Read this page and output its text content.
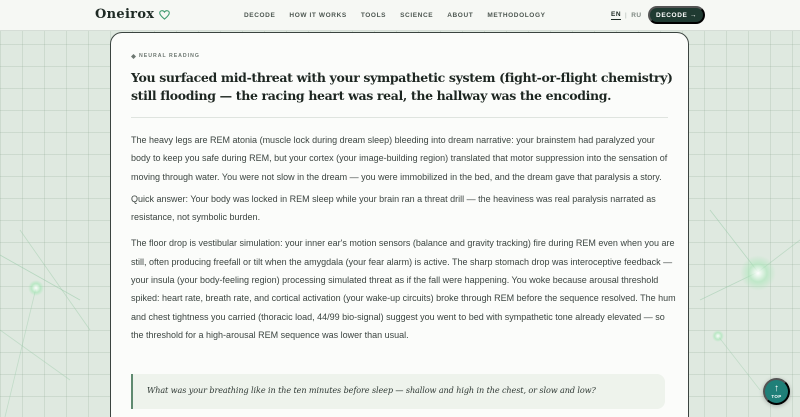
Oneirox	DECODE HOW IT WORKS TOOLS SCIENCE ABOUT METHODOLOGY	EN | RU	DECODE →
NEURAL READING
You surfaced mid-threat with your sympathetic system (fight-or-flight chemistry) still flooding — the racing heart was real, the hallway was the encoding.

The heavy legs are REM atonia (muscle lock during dream sleep) bleeding into dream narrative: your brainstem had paralyzed your body to keep you safe during REM, but your cortex (your image-building region) translated that motor suppression into the sensation of moving through water. You were not slow in the dream — you were immobilized in the bed, and the dream gave that paralysis a story.

Quick answer: Your body was locked in REM sleep while your brain ran a threat drill — the heaviness was real paralysis narrated as resistance, not symbolic burden.

The floor drop is vestibular simulation: your inner ear's motion sensors (balance and gravity tracking) fire during REM even when you are still, often producing freefall or tilt when the amygdala (your fear alarm) is active. The sharp stomach drop was interoceptive feedback — your insula (your body-feeling region) processing simulated threat as if the fall were happening. You woke because arousal threshold spiked: heart rate, breath rate, and cortical activation (your wake-up circuits) broke through REM before the sequence resolved. The hum and chest tightness you carried (thoracic load, 44/99 bio-signal) suggest you went to bed with sympathetic tone already elevated — so the threshold for a high-arousal REM sequence was lower than usual.

What was your breathing like in the ten minutes before sleep — shallow and high in the chest, or slow and low?	↑
TOP
